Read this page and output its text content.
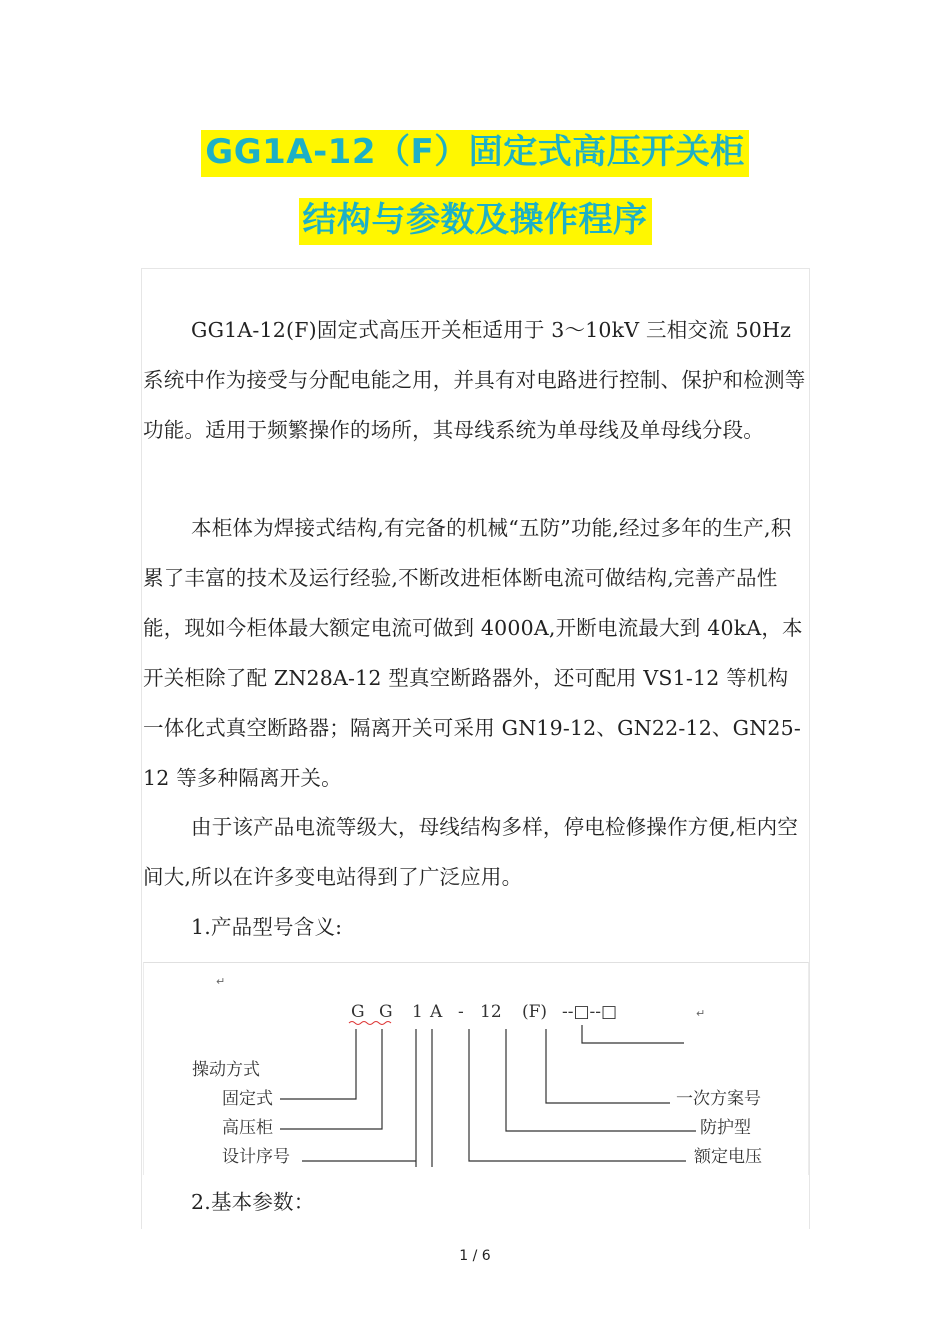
GG1A-12（F）固定式高压开关柜
结构与参数及操作程序

GG1A-12(F)固定式高压开关柜适用于 3～10kV 三相交流 50Hz 系统中作为接受与分配电能之用，并具有对电路进行控制、保护和检测等功能。适用于频繁操作的场所，其母线系统为单母线及单母线分段。

本柜体为焊接式结构,有完备的机械“五防”功能,经过多年的生产,积累了丰富的技术及运行经验,不断改进柜体断电流可做结构,完善产品性能，现如今柜体最大额定电流可做到 4000A,开断电流最大到 40kA，本开关柜除了配 ZN28A-12 型真空断路器外，还可配用 VS1-12 等机构一体化式真空断路器；隔离开关可采用 GN19-12、GN22-12、GN25-12 等多种隔离开关。

由于该产品电流等级大，母线结构多样，停电检修操作方便,柜内空间大,所以在许多变电站得到了广泛应用。

1.产品型号含义:

↵
G G 1 A - 12 (F) --□--□	↵
操动方式
固定式
高压柜
设计序号
一次方案号
防护型
额定电压

2.基本参数：

1 / 6
